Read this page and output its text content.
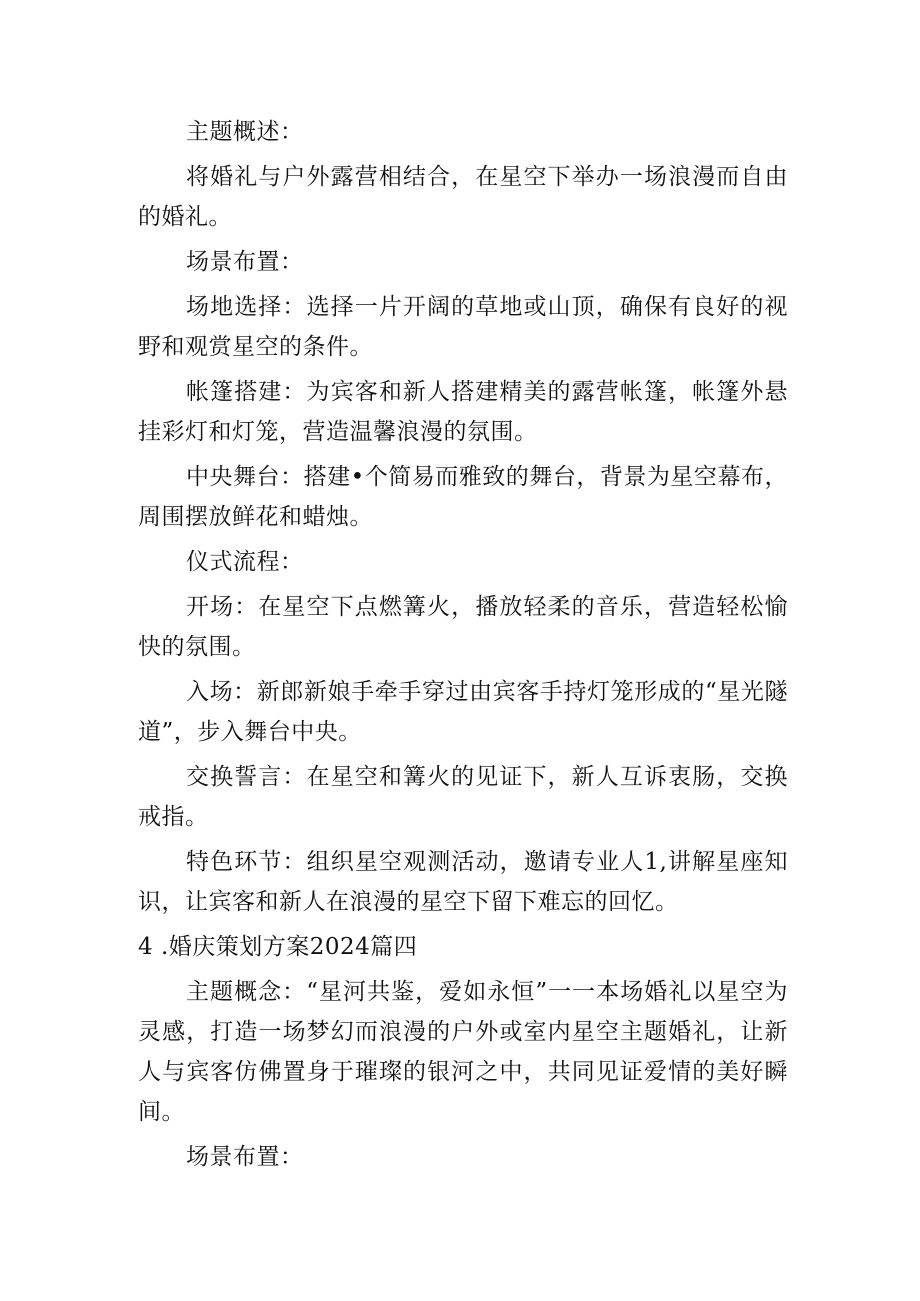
主题概述：

将婚礼与户外露营相结合，在星空下举办一场浪漫而自由的婚礼。

场景布置：

场地选择：选择一片开阔的草地或山顶，确保有良好的视野和观赏星空的条件。

帐篷搭建：为宾客和新人搭建精美的露营帐篷，帐篷外悬挂彩灯和灯笼，营造温馨浪漫的氛围。

中央舞台：搭建•个简易而雅致的舞台，背景为星空幕布，周围摆放鲜花和蜡烛。

仪式流程：

开场：在星空下点燃篝火，播放轻柔的音乐，营造轻松愉快的氛围。

入场：新郎新娘手牵手穿过由宾客手持灯笼形成的“星光隧道”，步入舞台中央。

交换誓言：在星空和篝火的见证下，新人互诉衷肠，交换戒指。

特色环节：组织星空观测活动，邀请专业人1,讲解星座知识，让宾客和新人在浪漫的星空下留下难忘的回忆。

4 .婚庆策划方案2024篇四

主题概念：“星河共鉴，爱如永恒”一一本场婚礼以星空为灵感，打造一场梦幻而浪漫的户外或室内星空主题婚礼，让新人与宾客仿佛置身于璀璨的银河之中，共同见证爱情的美好瞬间。

场景布置：
